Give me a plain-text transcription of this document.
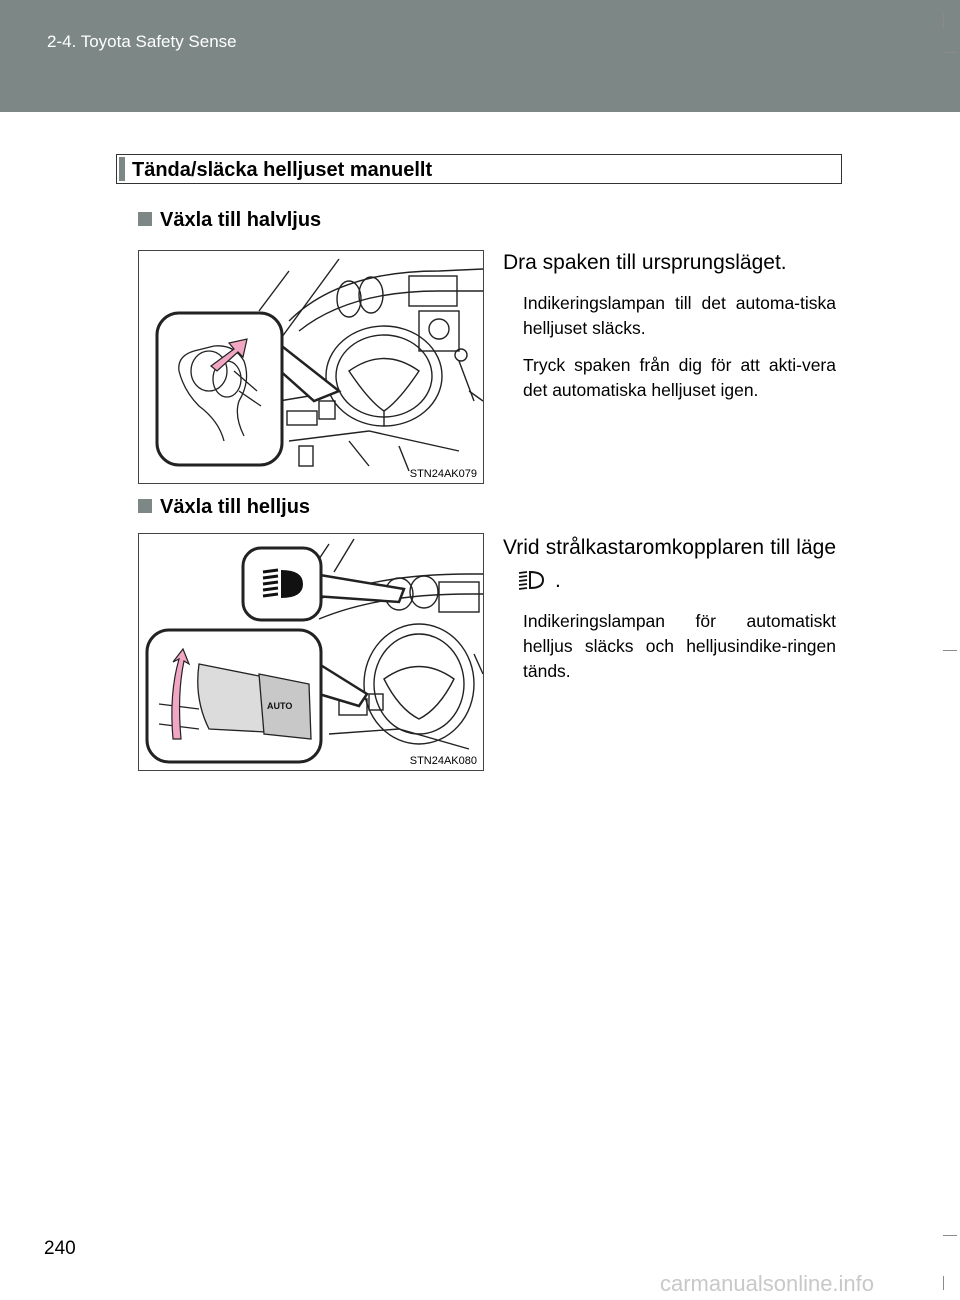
2-4. Toyota Safety Sense
Tända/släcka helljuset manuellt
Växla till halvljus
STN24AK079
Dra spaken till ursprungsläget.
Indikeringslampan till det automa-tiska helljuset släcks.
Tryck spaken från dig för att akti-vera det automatiska helljuset igen.
Växla till helljus
AUTO
STN24AK080
Vrid strålkastaromkopplaren till läge.
Indikeringslampan för automatiskt helljus släcks och helljusindike-ringen tänds.
240
carmanualsonline.info
